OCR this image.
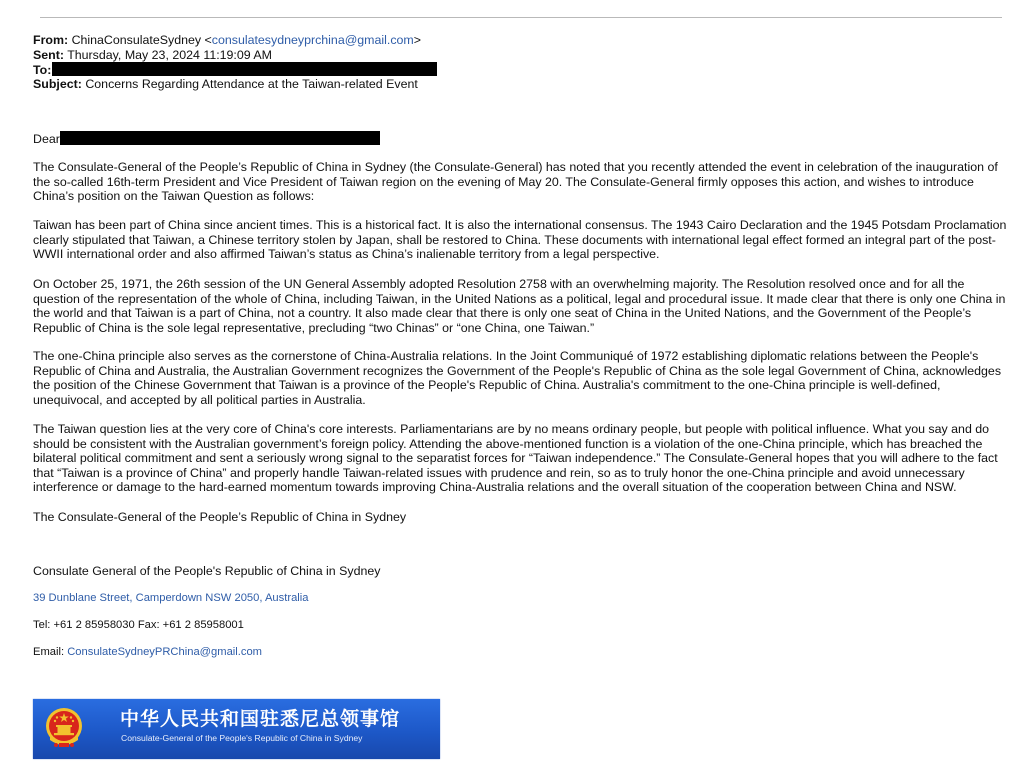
From: ChinaConsulateSydney <consulatesydneyprchina@gmail.com>
Sent: Thursday, May 23, 2024 11:19:09 AM
To:
Subject: Concerns Regarding Attendance at the Taiwan-related Event
Dear

The Consulate-General of the People’s Republic of China in Sydney (the Consulate-General) has noted that you recently attended the event in celebration of the inauguration of the so-called 16th-term President and Vice President of Taiwan region on the evening of May 20. The Consulate-General firmly opposes this action, and wishes to introduce China’s position on the Taiwan Question as follows:

Taiwan has been part of China since ancient times. This is a historical fact. It is also the international consensus. The 1943 Cairo Declaration and the 1945 Potsdam Proclamation clearly stipulated that Taiwan, a Chinese territory stolen by Japan, shall be restored to China. These documents with international legal effect formed an integral part of the post-WWII international order and also affirmed Taiwan’s status as China’s inalienable territory from a legal perspective.

On October 25, 1971, the 26th session of the UN General Assembly adopted Resolution 2758 with an overwhelming majority. The Resolution resolved once and for all the question of the representation of the whole of China, including Taiwan, in the United Nations as a political, legal and procedural issue. It made clear that there is only one China in the world and that Taiwan is a part of China, not a country. It also made clear that there is only one seat of China in the United Nations, and the Government of the People’s Republic of China is the sole legal representative, precluding “two Chinas” or “one China, one Taiwan.”

The one-China principle also serves as the cornerstone of China-Australia relations. In the Joint Communiqué of 1972 establishing diplomatic relations between the People's Republic of China and Australia, the Australian Government recognizes the Government of the People's Republic of China as the sole legal Government of China, acknowledges the position of the Chinese Government that Taiwan is a province of the People's Republic of China. Australia's commitment to the one-China principle is well-defined, unequivocal, and accepted by all political parties in Australia.

The Taiwan question lies at the very core of China's core interests. Parliamentarians are by no means ordinary people, but people with political influence. What you say and do should be consistent with the Australian government’s foreign policy. Attending the above-mentioned function is a violation of the one-China principle, which has breached the bilateral political commitment and sent a seriously wrong signal to the separatist forces for “Taiwan independence.” The Consulate-General hopes that you will adhere to the fact that “Taiwan is a province of China” and properly handle Taiwan-related issues with prudence and rein, so as to truly honor the one-China principle and avoid unnecessary interference or damage to the hard-earned momentum towards improving China-Australia relations and the overall situation of the cooperation between China and NSW.

The Consulate-General of the People’s Republic of China in Sydney
Consulate General of the People's Republic of China in Sydney
39 Dunblane Street, Camperdown NSW 2050, Australia
Tel: +61 2 85958030 Fax: +61 2 85958001
Email: ConsulateSydneyPRChina@gmail.com
中华人民共和国驻悉尼总领事馆
Consulate-General of the People's Republic of China in Sydney
